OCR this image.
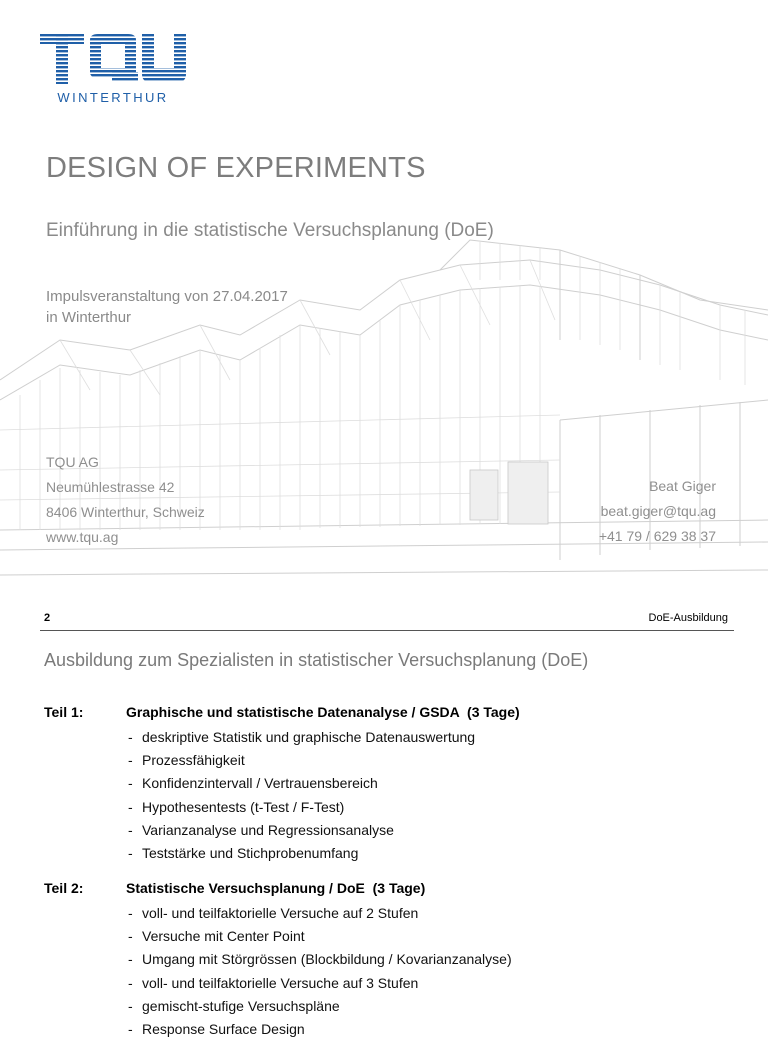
WINTERTHUR
DESIGN OF EXPERIMENTS
Einführung in die statistische Versuchsplanung (DoE)
Impulsveranstaltung von 27.04.2017
in Winterthur
TQU AG
Neumühlestrasse 42
8406 Winterthur, Schweiz
www.tqu.ag
Beat Giger
beat.giger@tqu.ag
+41 79 / 629 38 37
2	DoE-Ausbildung
Ausbildung zum Spezialisten in statistischer Versuchsplanung (DoE)
Teil 1:	Graphische und statistische Datenanalyse / GSDA  (3 Tage)
- deskriptive Statistik und graphische Datenauswertung
- Prozessfähigkeit
- Konfidenzintervall / Vertrauensbereich
- Hypothesentests (t-Test / F-Test)
- Varianzanalyse und Regressionsanalyse
- Teststärke und Stichprobenumfang
Teil 2:	Statistische Versuchsplanung / DoE  (3 Tage)
- voll- und teilfaktorielle Versuche auf 2 Stufen
- Versuche mit Center Point
- Umgang mit Störgrössen (Blockbildung / Kovarianzanalyse)
- voll- und teilfaktorielle Versuche auf 3 Stufen
- gemischt-stufige Versuchspläne
- Response Surface Design
